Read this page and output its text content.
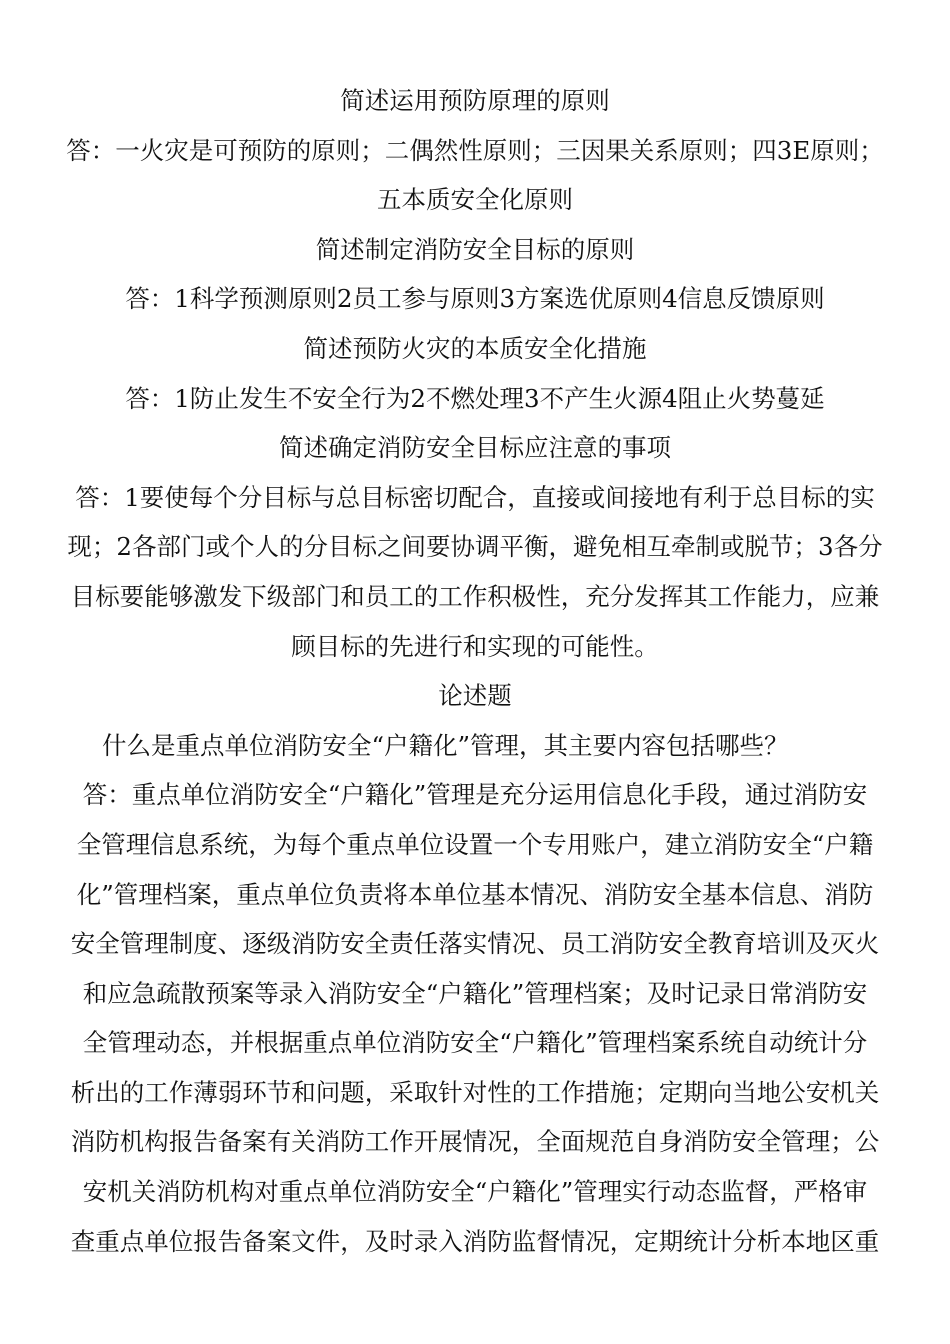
简述运用预防原理的原则
答：一火灾是可预防的原则；二偶然性原则；三因果关系原则；四3E原则；
五本质安全化原则
简述制定消防安全目标的原则
答：1科学预测原则2员工参与原则3方案选优原则4信息反馈原则
简述预防火灾的本质安全化措施
答：1防止发生不安全行为2不燃处理3不产生火源4阻止火势蔓延
简述确定消防安全目标应注意的事项
答：1要使每个分目标与总目标密切配合，直接或间接地有利于总目标的实
现；2各部门或个人的分目标之间要协调平衡，避免相互牵制或脱节；3各分
目标要能够激发下级部门和员工的工作积极性，充分发挥其工作能力，应兼
顾目标的先进行和实现的可能性。
论述题
什么是重点单位消防安全“户籍化”管理，其主要内容包括哪些？
答：重点单位消防安全“户籍化”管理是充分运用信息化手段，通过消防安
全管理信息系统，为每个重点单位设置一个专用账户，建立消防安全“户籍
化”管理档案，重点单位负责将本单位基本情况、消防安全基本信息、消防
安全管理制度、逐级消防安全责任落实情况、员工消防安全教育培训及灭火
和应急疏散预案等录入消防安全“户籍化”管理档案；及时记录日常消防安
全管理动态，并根据重点单位消防安全“户籍化”管理档案系统自动统计分
析出的工作薄弱环节和问题，采取针对性的工作措施；定期向当地公安机关
消防机构报告备案有关消防工作开展情况，全面规范自身消防安全管理；公
安机关消防机构对重点单位消防安全“户籍化”管理实行动态监督，严格审
查重点单位报告备案文件，及时录入消防监督情况，定期统计分析本地区重
